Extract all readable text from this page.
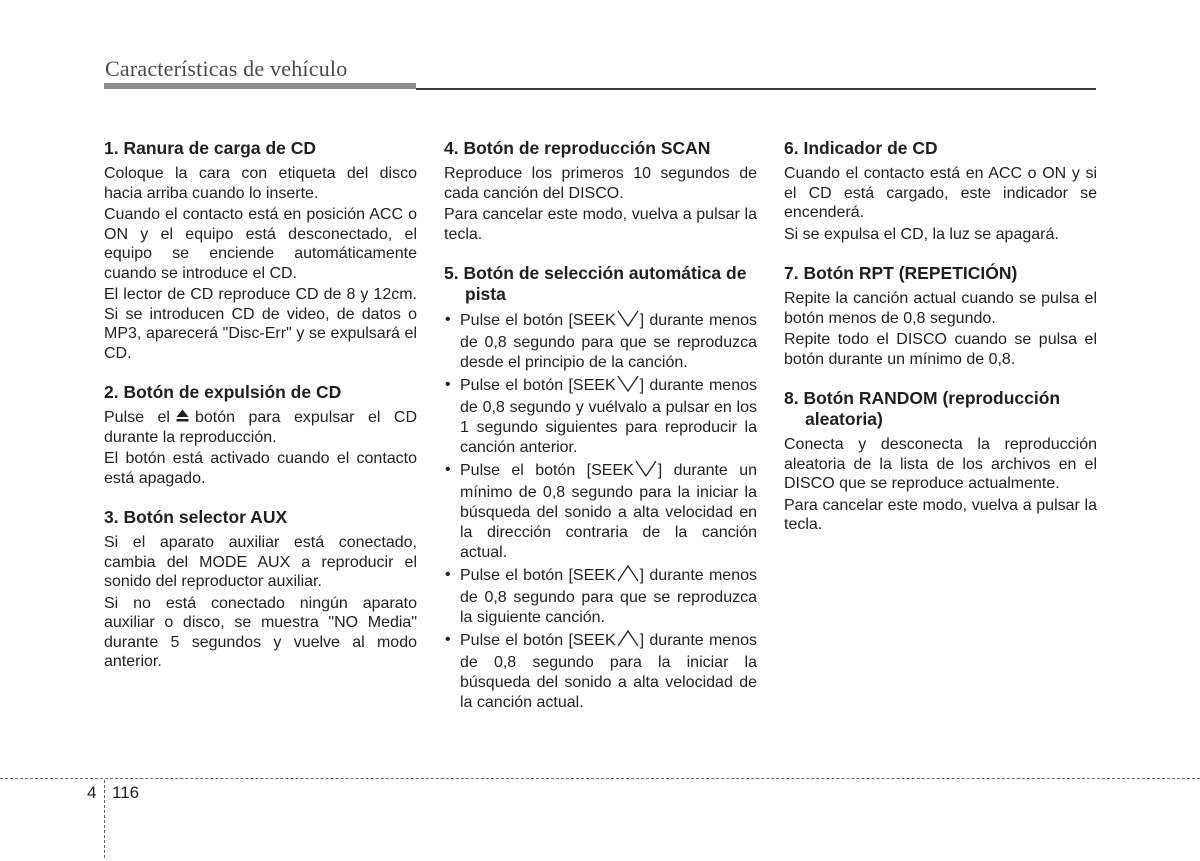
Características de vehículo
1. Ranura de carga de CD

Coloque la cara con etiqueta del disco hacia arriba cuando lo inserte.

Cuando el contacto está en posición ACC o ON y el equipo está desconectado, el equipo se enciende automáticamente cuando se introduce el CD.

El lector de CD reproduce CD de 8 y 12cm. Si se introducen CD de video, de datos o MP3, aparecerá "Disc-Err" y se expulsará el CD.

2. Botón de expulsión de CD

Pulse el botón para expulsar el CD durante la reproducción.

El botón está activado cuando el contacto está apagado.

3. Botón selector AUX

Si el aparato auxiliar está conectado, cambia del MODE AUX a reproducir el sonido del reproductor auxiliar.

Si no está conectado ningún aparato auxiliar o disco, se muestra "NO Media" durante 5 segundos y vuelve al modo anterior.

4. Botón de reproducción SCAN

Reproduce los primeros 10 segundos de cada canción del DISCO.

Para cancelar este modo, vuelva a pulsar la tecla.

5. Botón de selección automática de pista
• Pulse el botón [SEEK ] durante menos de 0,8 segundo para que se reproduzca desde el principio de la canción.
• Pulse el botón [SEEK ] durante menos de 0,8 segundo y vuélvalo a pulsar en los 1 segundo siguientes para reproducir la canción anterior.
• Pulse el botón [SEEK ] durante un mínimo de 0,8 segundo para la iniciar la búsqueda del sonido a alta velocidad en la dirección contraria de la canción actual.
• Pulse el botón [SEEK ] durante menos de 0,8 segundo para que se reproduzca la siguiente canción.
• Pulse el botón [SEEK ] durante menos de 0,8 segundo para la iniciar la búsqueda del sonido a alta velocidad de la canción actual.
6. Indicador de CD

Cuando el contacto está en ACC o ON y si el CD está cargado, este indicador se encenderá.

Si se expulsa el CD, la luz se apagará.

7. Botón RPT (REPETICIÓN)

Repite la canción actual cuando se pulsa el botón menos de 0,8 segundo.

Repite todo el DISCO cuando se pulsa el botón durante un mínimo de 0,8.

8. Botón RANDOM (reproducción aleatoria)

Conecta y desconecta la reproducción aleatoria de la lista de los archivos en el DISCO que se reproduce actualmente.

Para cancelar este modo, vuelva a pulsar la tecla.

4 116
